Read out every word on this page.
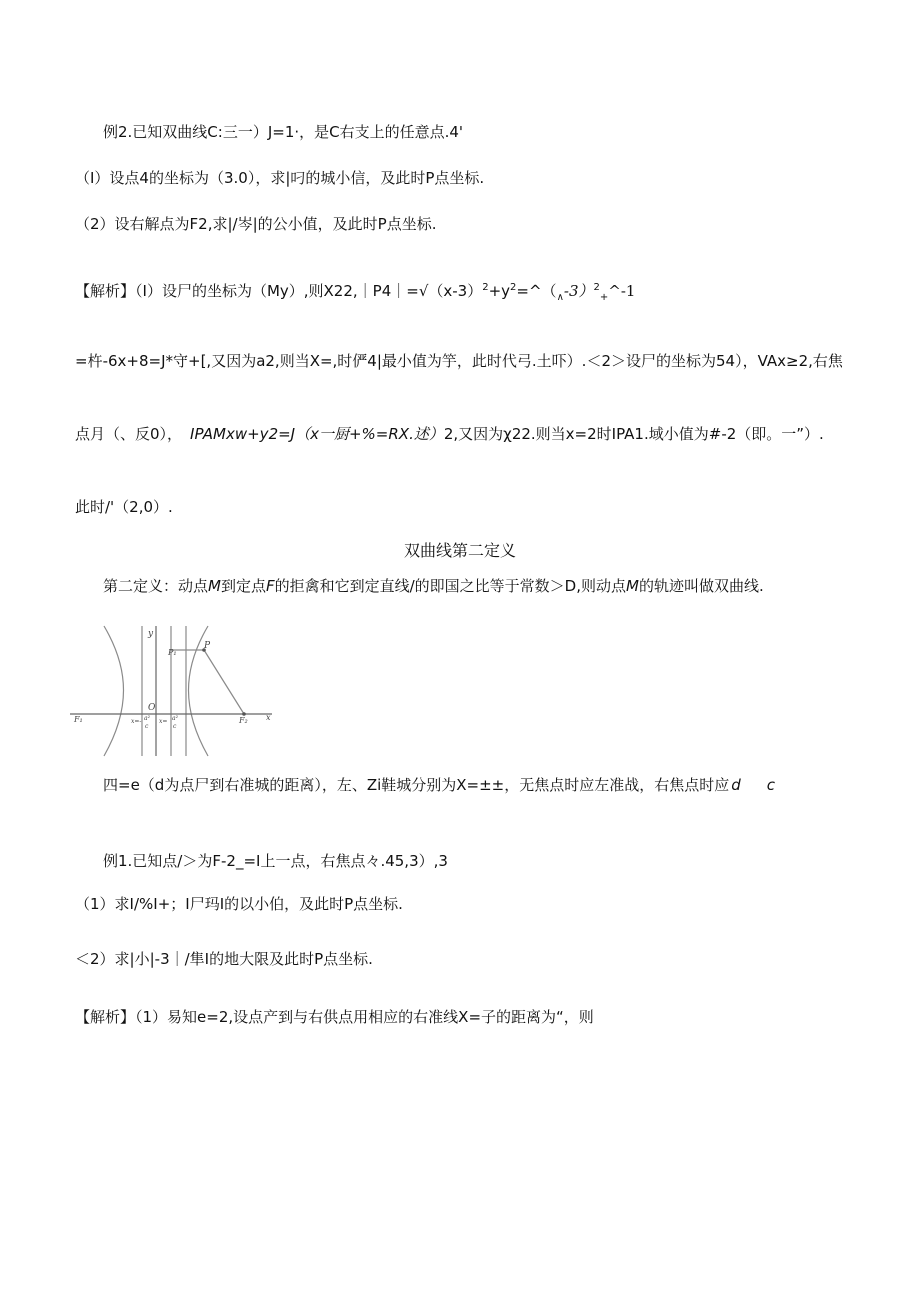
例2.已知双曲线C:三一）J=1·，是C右支上的任意点.4'
（I）设点4的坐标为（3.0），求|叼的城小信，及此时P点坐标.
（2）设右解点为F2,求|/岑|的公小值，及此时P点坐标.
【解析】（I）设尸的坐标为（My）,则$X22,|P4|=√(x-3)^2+y^2=\^{}(_\wedge-3)^2_+\^{}-1$
=杵-6x+8=J*守+[,又因为a2,则当X=,时俨4|最小值为竽，此时代弓.土吓）.＜2＞设尸的坐标为54），VAx≥2,右焦
点月（、反0）， IPAMxw+y2=J（x一厨+%=RX.述）2,又因为χ22.则当x=2时IPA1.域小值为#-2（即。一”）.
此时/'（2,0）.
双曲线第二定义
第二定义：动点M到定点F的拒禽和它到定直线/的即国之比等于常数＞D,则动点M的轨迹叫做双曲线.
y
P₁
P
O
F₁	F₂ x
a²
c
a²
c
x=-	x=
四=e（d为点尸到右准城的距离），左、Zi鞋城分别为X=±±，无焦点时应左准战，右焦点时应 d c
例1.已知点/＞为F-2_=I上一点，右焦点々.45,3）,3
（1）求I/%I+；I尸玛I的以小伯，及此时P点坐标.
＜2）求|小|-3｜/隼I的地大限及此时P点坐标.
【解析】（1）易知e=2,设点产到与右供点用相应的右准线X=子的距离为“，则
